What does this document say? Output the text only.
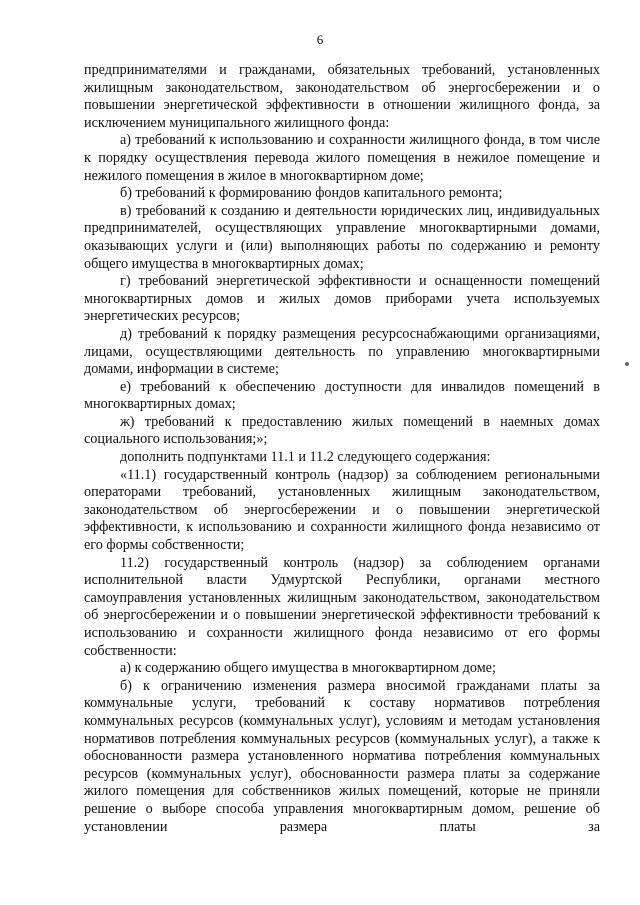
6

предпринимателями и гражданами, обязательных требований, установленных жилищным законодательством, законодательством об энергосбережении и о повышении энергетической эффективности в отношении жилищного фонда, за исключением муниципального жилищного фонда:

а) требований к использованию и сохранности жилищного фонда, в том числе к порядку осуществления перевода жилого помещения в нежилое помещение и нежилого помещения в жилое в многоквартирном доме;

б) требований к формированию фондов капитального ремонта;

в) требований к созданию и деятельности юридических лиц, индивидуальных предпринимателей, осуществляющих управление многоквартирными домами, оказывающих услуги и (или) выполняющих работы по содержанию и ремонту общего имущества в многоквартирных домах;

г) требований энергетической эффективности и оснащенности помещений многоквартирных домов и жилых домов приборами учета используемых энергетических ресурсов;

д) требований к порядку размещения ресурсоснабжающими организациями, лицами, осуществляющими деятельность по управлению многоквартирными домами, информации в системе;

е) требований к обеспечению доступности для инвалидов помещений в многоквартирных домах;

ж) требований к предоставлению жилых помещений в наемных домах социального использования;»;

дополнить подпунктами 11.1 и 11.2 следующего содержания:

«11.1) государственный контроль (надзор) за соблюдением региональными операторами требований, установленных жилищным законодательством, законодательством об энергосбережении и о повышении энергетической эффективности, к использованию и сохранности жилищного фонда независимо от его формы собственности;

11.2) государственный контроль (надзор) за соблюдением органами исполнительной власти Удмуртской Республики, органами местного самоуправления установленных жилищным законодательством, законодательством об энергосбережении и о повышении энергетической эффективности требований к использованию и сохранности жилищного фонда независимо от его формы собственности:

а) к содержанию общего имущества в многоквартирном доме;

б) к ограничению изменения размера вносимой гражданами платы за коммунальные услуги, требований к составу нормативов потребления коммунальных ресурсов (коммунальных услуг), условиям и методам установления нормативов потребления коммунальных ресурсов (коммунальных услуг), а также к обоснованности размера установленного норматива потребления коммунальных ресурсов (коммунальных услуг), обоснованности размера платы за содержание жилого помещения для собственников жилых помещений, которые не приняли решение о выборе способа управления многоквартирным домом, решение об установлении размера платы за
